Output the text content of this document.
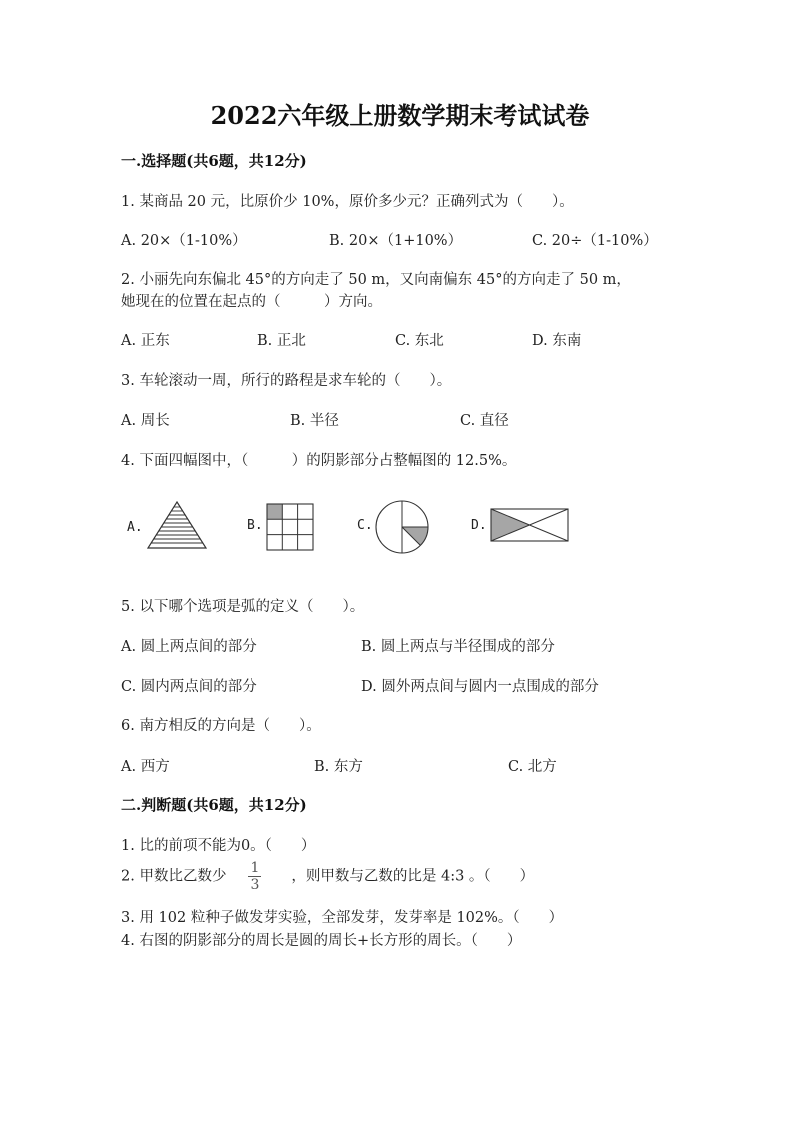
2022六年级上册数学期末考试试卷
一.选择题(共6题，共12分)
1. 某商品 20 元，比原价少 10%，原价多少元？正确列式为（　　）。
A. 20×（1-10%）	B. 20×（1+10%）	C. 20÷（1-10%）
2. 小丽先向东偏北 45°的方向走了 50 m，又向南偏东 45°的方向走了 50 m，
她现在的位置在起点的（　　　）方向。
A. 正东	B. 正北	C. 东北	D. 东南
3. 车轮滚动一周，所行的路程是求车轮的（　　）。
A. 周长	B. 半径	C. 直径
4. 下面四幅图中，（　　　）的阴影部分占整幅图的 12.5%。
A.	B.	C.	D.
5. 以下哪个选项是弧的定义（　　）。
A. 圆上两点间的部分	B. 圆上两点与半径围成的部分
C. 圆内两点间的部分	D. 圆外两点间与圆内一点围成的部分
6. 南方相反的方向是（　　）。
A. 西方	B. 东方	C. 北方
二.判断题(共6题，共12分)
1. 比的前项不能为0。（　　）
2. 甲数比乙数少 $\frac{1}{3}$ ，则甲数与乙数的比是 4:3 。（　　）
3. 用 102 粒种子做发芽实验，全部发芽，发芽率是 102%。（　　）
4. 右图的阴影部分的周长是圆的周长+长方形的周长。（　　）
